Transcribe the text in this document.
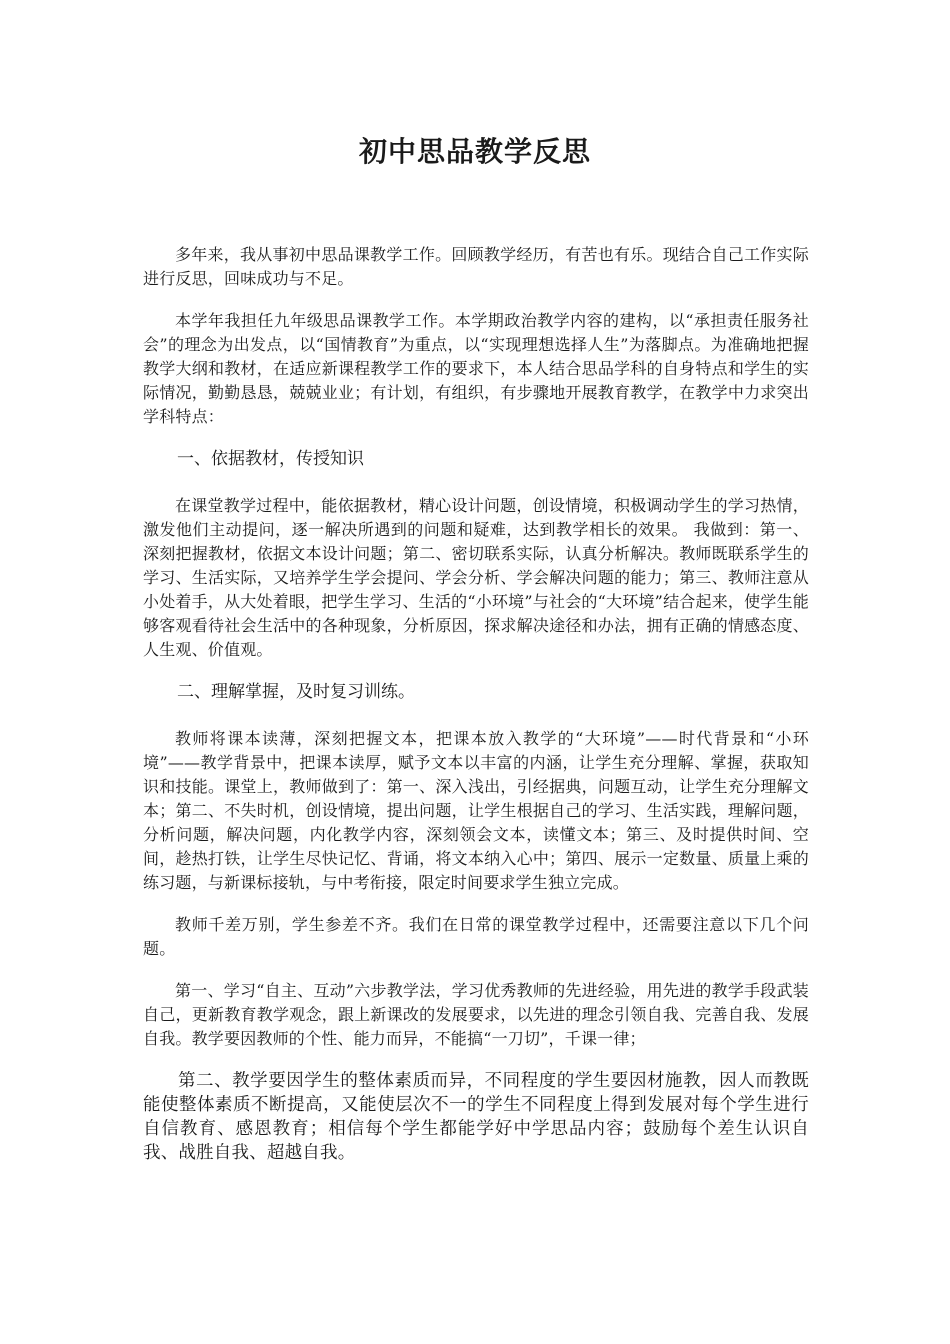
初中思品教学反思

多年来，我从事初中思品课教学工作。回顾教学经历，有苦也有乐。现结合自己工作实际进行反思，回味成功与不足。

本学年我担任九年级思品课教学工作。本学期政治教学内容的建构，以“承担责任服务社会”的理念为出发点，以“国情教育”为重点，以“实现理想选择人生”为落脚点。为准确地把握教学大纲和教材，在适应新课程教学工作的要求下，本人结合思品学科的自身特点和学生的实际情况，勤勤恳恳，兢兢业业；有计划，有组织，有步骤地开展教育教学，在教学中力求突出学科特点：

一、依据教材，传授知识

在课堂教学过程中，能依据教材，精心设计问题，创设情境，积极调动学生的学习热情，激发他们主动提问，逐一解决所遇到的问题和疑难，达到教学相长的效果。 我做到：第一、深刻把握教材，依据文本设计问题；第二、密切联系实际，认真分析解决。教师既联系学生的学习、生活实际，又培养学生学会提问、学会分析、学会解决问题的能力；第三、教师注意从小处着手，从大处着眼，把学生学习、生活的“小环境”与社会的“大环境”结合起来，使学生能够客观看待社会生活中的各种现象，分析原因，探求解决途径和办法，拥有正确的情感态度、人生观、价值观。

二、理解掌握，及时复习训练。

教师将课本读薄，深刻把握文本，把课本放入教学的“大环境”——时代背景和“小环境”——教学背景中，把课本读厚，赋予文本以丰富的内涵，让学生充分理解、掌握，获取知识和技能。课堂上，教师做到了：第一、深入浅出，引经据典，问题互动，让学生充分理解文本；第二、不失时机，创设情境，提出问题，让学生根据自己的学习、生活实践，理解问题，分析问题，解决问题，内化教学内容，深刻领会文本，读懂文本；第三、及时提供时间、空间，趁热打铁，让学生尽快记忆、背诵，将文本纳入心中；第四、展示一定数量、质量上乘的练习题，与新课标接轨，与中考衔接，限定时间要求学生独立完成。

教师千差万别，学生参差不齐。我们在日常的课堂教学过程中，还需要注意以下几个问题。

第一、学习“自主、互动”六步教学法，学习优秀教师的先进经验，用先进的教学手段武装自己，更新教育教学观念，跟上新课改的发展要求，以先进的理念引领自我、完善自我、发展自我。教学要因教师的个性、能力而异，不能搞“一刀切”，千课一律；

第二、教学要因学生的整体素质而异，不同程度的学生要因材施教，因人而教既能使整体素质不断提高，又能使层次不一的学生不同程度上得到发展对每个学生进行自信教育、感恩教育；相信每个学生都能学好中学思品内容；鼓励每个差生认识自我、战胜自我、超越自我。
